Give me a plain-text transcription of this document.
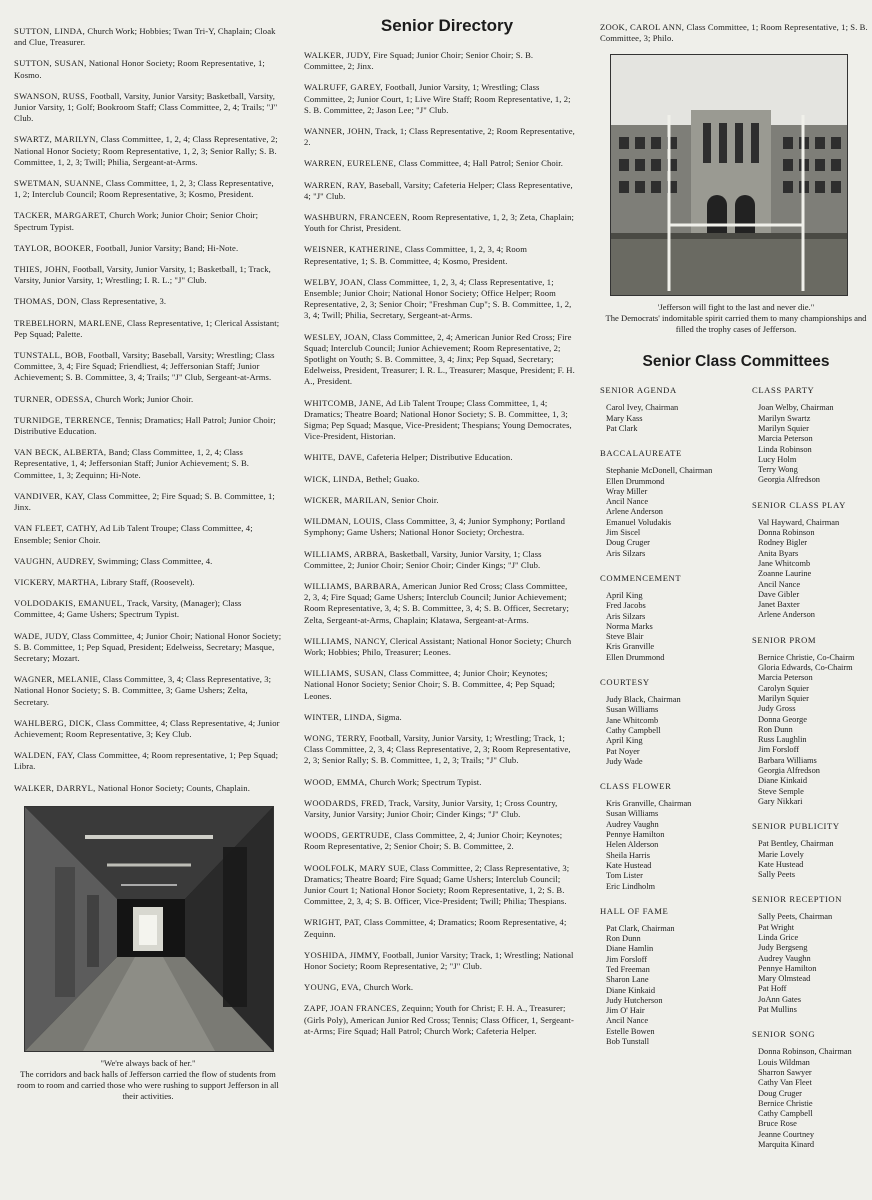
SUTTON, LINDA, Church Work; Hobbies; Twan Tri-Y, Chaplain; Cloak and Clue, Treasurer.
SUTTON, SUSAN, National Honor Society; Room Representative, 1; Kosmo.
SWANSON, RUSS, Football, Varsity, Junior Varsity; Basketball, Varsity, Junior Varsity, 1; Golf; Bookroom Staff; Class Committee, 2, 4; Trails; "J" Club.
SWARTZ, MARILYN, Class Committee, 1, 2, 4; Class Representative, 2; National Honor Society; Room Representative, 1, 2, 3; Senior Rally; S. B. Committee, 1, 2, 3; Twill; Philia, Sergeant-at-Arms.
SWETMAN, SUANNE, Class Committee, 1, 2, 3; Class Representative, 1, 2; Interclub Council; Room Representative, 3; Kosmo, President.
TACKER, MARGARET, Church Work; Junior Choir; Senior Choir; Spectrum Typist.
TAYLOR, BOOKER, Football, Junior Varsity; Band; Hi-Note.
THIES, JOHN, Football, Varsity, Junior Varsity, 1; Basketball, 1; Track, Varsity, Junior Varsity, 1; Wrestling; I. R. L.; "J" Club.
THOMAS, DON, Class Representative, 3.
TREBELHORN, MARLENE, Class Representative, 1; Clerical Assistant; Pep Squad; Palette.
TUNSTALL, BOB, Football, Varsity; Baseball, Varsity; Wrestling; Class Committee, 3, 4; Fire Squad; Friendliest, 4; Jeffersonian Staff; Junior Achievement; S. B. Committee, 3, 4; Trails; "J" Club, Sergeant-at-Arms.
TURNER, ODESSA, Church Work; Junior Choir.
TURNIDGE, TERRENCE, Tennis; Dramatics; Hall Patrol; Junior Choir; Distributive Education.
VAN BECK, ALBERTA, Band; Class Committee, 1, 2, 4; Class Representative, 1, 4; Jeffersonian Staff; Junior Achievement; S. B. Committee, 1, 3; Zequinn; Hi-Note.
VANDIVER, KAY, Class Committee, 2; Fire Squad; S. B. Committee, 1; Jinx.
VAN FLEET, CATHY, Ad Lib Talent Troupe; Class Committee, 4; Ensemble; Senior Choir.
VAUGHN, AUDREY, Swimming; Class Committee, 4.
VICKERY, MARTHA, Library Staff, (Roosevelt).
VOLDODAKIS, EMANUEL, Track, Varsity, (Manager); Class Committee, 4; Game Ushers; Spectrum Typist.
WADE, JUDY, Class Committee, 4; Junior Choir; National Honor Society; S. B. Committee, 1; Pep Squad, President; Edelweiss, Secretary; Masque, Secretary; Mozart.
WAGNER, MELANIE, Class Committee, 3, 4; Class Representative, 3; National Honor Society; S. B. Committee, 3; Game Ushers; Zelta, Secretary.
WAHLBERG, DICK, Class Committee, 4; Class Representative, 4; Junior Achievement; Room Representative, 3; Key Club.
WALDEN, FAY, Class Committee, 4; Room representative, 1; Pep Squad; Libra.
WALKER, DARRYL, National Honor Society; Counts, Chaplain.
"We're always back of her."
The corridors and back halls of Jefferson carried the flow of students from room to room and carried those who were rushing to support Jefferson in all their activities.
Senior Directory
WALKER, JUDY, Fire Squad; Junior Choir; Senior Choir; S. B. Committee, 2; Jinx.
WALRUFF, GAREY, Football, Junior Varsity, 1; Wrestling; Class Committee, 2; Junior Court, 1; Live Wire Staff; Room Representative, 1, 2; S. B. Committee, 2; Jason Lee; "J" Club.
WANNER, JOHN, Track, 1; Class Representative, 2; Room Representative, 2.
WARREN, EURELENE, Class Committee, 4; Hall Patrol; Senior Choir.
WARREN, RAY, Baseball, Varsity; Cafeteria Helper; Class Representative, 4; "J" Club.
WASHBURN, FRANCEEN, Room Representative, 1, 2, 3; Zeta, Chaplain; Youth for Christ, President.
WEISNER, KATHERINE, Class Committee, 1, 2, 3, 4; Room Representative, 1; S. B. Committee, 4; Kosmo, President.
WELBY, JOAN, Class Committee, 1, 2, 3, 4; Class Representative, 1; Ensemble; Junior Choir; National Honor Society; Office Helper; Room Representative, 2, 3; Senior Choir; "Freshman Cup"; S. B. Committee, 1, 2, 3, 4; Twill; Philia, Secretary, Sergeant-at-Arms.
WESLEY, JOAN, Class Committee, 2, 4; American Junior Red Cross; Fire Squad; Interclub Council; Junior Achievement; Room Representative, 2; Spotlight on Youth; S. B. Committee, 3, 4; Jinx; Pep Squad, Secretary; Edelweiss, President, Treasurer; I. R. L., Treasurer; Masque, President; F. H. A., President.
WHITCOMB, JANE, Ad Lib Talent Troupe; Class Committee, 1, 4; Dramatics; Theatre Board; National Honor Society; S. B. Committee, 1, 3; Sigma; Pep Squad; Masque, Vice-President; Thespians; Young Democrates, Vice-President, Historian.
WHITE, DAVE, Cafeteria Helper; Distributive Education.
WICK, LINDA, Bethel; Guako.
WICKER, MARILAN, Senior Choir.
WILDMAN, LOUIS, Class Committee, 3, 4; Junior Symphony; Portland Symphony; Game Ushers; National Honor Society; Orchestra.
WILLIAMS, ARBRA, Basketball, Varsity, Junior Varsity, 1; Class Committee, 2; Junior Choir; Senior Choir; Cinder Kings; "J" Club.
WILLIAMS, BARBARA, American Junior Red Cross; Class Committee, 2, 3, 4; Fire Squad; Game Ushers; Interclub Council; Junior Achievement; Room Representative, 3, 4; S. B. Committee, 3, 4; S. B. Officer, Secretary; Zelta, Sergeant-at-Arms, Chaplain; Klatawa, Sergeant-at-Arms.
WILLIAMS, NANCY, Clerical Assistant; National Honor Society; Church Work; Hobbies; Philo, Treasurer; Leones.
WILLIAMS, SUSAN, Class Committee, 4; Junior Choir; Keynotes; National Honor Society; Senior Choir; S. B. Committee, 4; Pep Squad; Leones.
WINTER, LINDA, Sigma.
WONG, TERRY, Football, Varsity, Junior Varsity, 1; Wrestling; Track, 1; Class Committee, 2, 3, 4; Class Representative, 2, 3; Room Representative, 2, 3; Senior Rally; S. B. Committee, 1, 2, 3; Trails; "J" Club.
WOOD, EMMA, Church Work; Spectrum Typist.
WOODARDS, FRED, Track, Varsity, Junior Varsity, 1; Cross Country, Varsity, Junior Varsity; Junior Choir; Cinder Kings; "J" Club.
WOODS, GERTRUDE, Class Committee, 2, 4; Junior Choir; Keynotes; Room Representative, 2; Senior Choir; S. B. Committee, 2.
WOOLFOLK, MARY SUE, Class Committee, 2; Class Representative, 3; Dramatics; Theatre Board; Fire Squad; Game Ushers; Interclub Council; Junior Court 1; National Honor Society; Room Representative, 1, 2; S. B. Committee, 2, 3, 4; S. B. Officer, Vice-President; Twill; Philia; Thespians.
WRIGHT, PAT, Class Committee, 4; Dramatics; Room Representative, 4; Zequinn.
YOSHIDA, JIMMY, Football, Junior Varsity; Track, 1; Wrestling; National Honor Society; Room Representative, 2; "J" Club.
YOUNG, EVA, Church Work.
ZAPF, JOAN FRANCES, Zequinn; Youth for Christ; F. H. A., Treasurer; (Girls Poly), American Junior Red Cross; Tennis; Class Officer, 1, Sergeant-at-Arms; Fire Squad; Hall Patrol; Church Work; Cafeteria Helper.
ZOOK, CAROL ANN, Class Committee, 1; Room Representative, 1; S. B. Committee, 3; Philo.
'Jefferson will fight to the last and never die."
The Democrats' indomitable spirit carried them to many championships and filled the trophy cases of Jefferson.
Senior Class Committees
SENIOR AGENDA
Carol Ivey, Chairman
Mary Kass
Pat Clark
BACCALAUREATE
Stephanie McDonell, Chairman
Ellen Drummond
Wray Miller
Ancil Nance
Arlene Anderson
Emanuel Voludakis
Jim Siscel
Doug Cruger
Aris Silzars
COMMENCEMENT
April King
Fred Jacobs
Aris Silzars
Norma Marks
Steve Blair
Kris Granville
Ellen Drummond
COURTESY
Judy Black, Chairman
Susan Williams
Jane Whitcomb
Cathy Campbell
April King
Pat Noyer
Judy Wade
CLASS FLOWER
Kris Granville, Chairman
Susan Williams
Audrey Vaughn
Pennye Hamilton
Helen Alderson
Sheila Harris
Kate Hustead
Tom Lister
Eric Lindholm
HALL OF FAME
Pat Clark, Chairman
Ron Dunn
Diane Hamlin
Jim Forsloff
Ted Freeman
Sharon Lane
Diane Kinkaid
Judy Hutcherson
Jim O' Hair
Ancil Nance
Estelle Bowen
Bob Tunstall
CLASS PARTY
Joan Welby, Chairman
Marilyn Swartz
Marilyn Squier
Marcia Peterson
Linda Robinson
Lucy Holm
Terry Wong
Georgia Alfredson
SENIOR CLASS PLAY
Val Hayward, Chairman
Donna Robinson
Rodney Bigler
Anita Byars
Jane Whitcomb
Zoanne Laurine
Ancil Nance
Dave Gibler
Janet Baxter
Arlene Anderson
SENIOR PROM
Bernice Christie, Co-Chairm
Gloria Edwards, Co-Chairm
Marcia Peterson
Carolyn Squier
Marilyn Squier
Judy Gross
Donna George
Ron Dunn
Russ Laughlin
Jim Forsloff
Barbara Williams
Georgia Alfredson
Diane Kinkaid
Steve Semple
Gary Nikkari
SENIOR PUBLICITY
Pat Bentley, Chairman
Marie Lovely
Kate Hustead
Sally Peets
SENIOR RECEPTION
Sally Peets, Chairman
Pat Wright
Linda Grice
Judy Bergseng
Audrey Vaughn
Pennye Hamilton
Mary Olmstead
Pat Hoff
JoAnn Gates
Pat Mullins
SENIOR SONG
Donna Robinson, Chairman
Louis Wildman
Sharron Sawyer
Cathy Van Fleet
Doug Cruger
Bernice Christie
Cathy Campbell
Bruce Rose
Jeanne Courtney
Marquita Kinard
